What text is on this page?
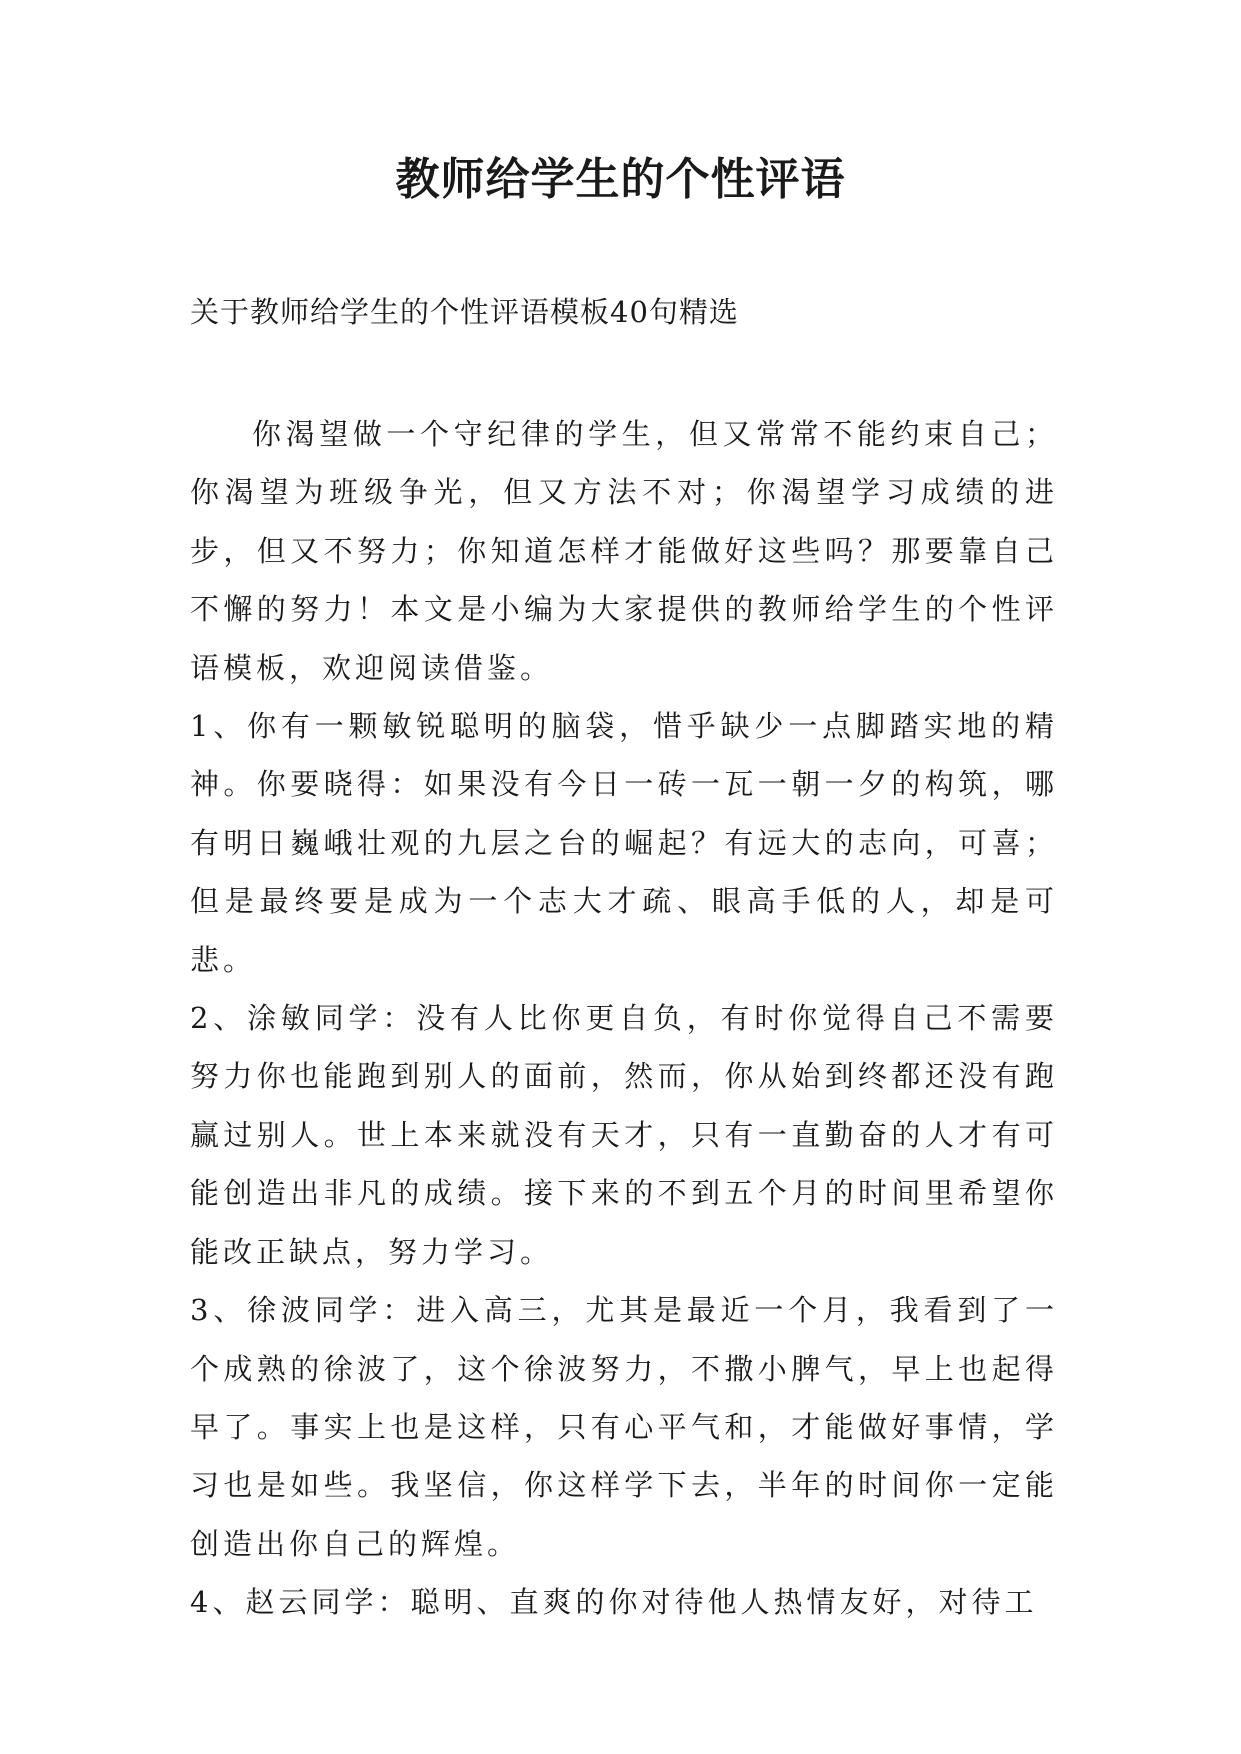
教师给学生的个性评语
关于教师给学生的个性评语模板40句精选

你渴望做一个守纪律的学生，但又常常不能约束自己；你渴望为班级争光，但又方法不对；你渴望学习成绩的进步，但又不努力；你知道怎样才能做好这些吗？那要靠自己不懈的努力！本文是小编为大家提供的教师给学生的个性评语模板，欢迎阅读借鉴。

1、你有一颗敏锐聪明的脑袋，惜乎缺少一点脚踏实地的精神。你要晓得：如果没有今日一砖一瓦一朝一夕的构筑，哪有明日巍峨壮观的九层之台的崛起？有远大的志向，可喜；但是最终要是成为一个志大才疏、眼高手低的人，却是可悲。

2、涂敏同学：没有人比你更自负，有时你觉得自己不需要努力你也能跑到别人的面前，然而，你从始到终都还没有跑赢过别人。世上本来就没有天才，只有一直勤奋的人才有可能创造出非凡的成绩。接下来的不到五个月的时间里希望你能改正缺点，努力学习。

3、徐波同学：进入高三，尤其是最近一个月，我看到了一个成熟的徐波了，这个徐波努力，不撒小脾气，早上也起得早了。事实上也是这样，只有心平气和，才能做好事情，学习也是如些。我坚信，你这样学下去，半年的时间你一定能创造出你自己的辉煌。

4、赵云同学：聪明、直爽的你对待他人热情友好，对待工
